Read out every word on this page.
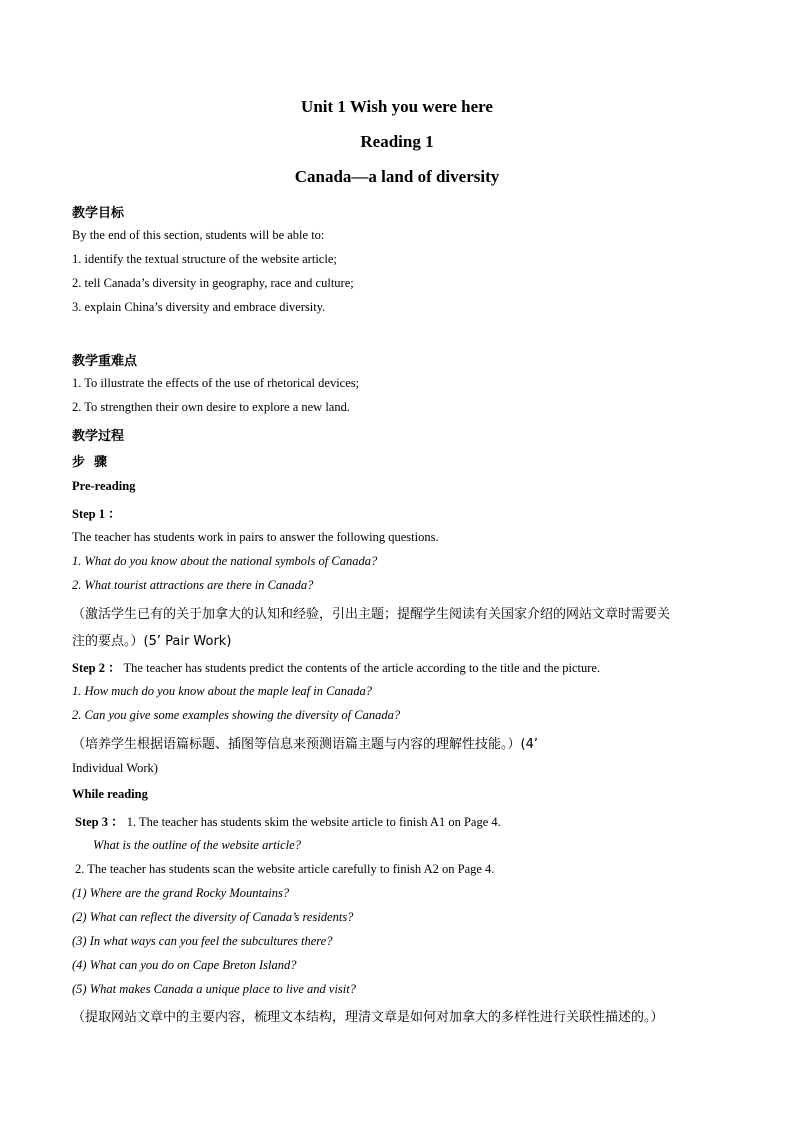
Unit 1 Wish you were here
Reading 1
Canada—a land of diversity
教学目标
By the end of this section, students will be able to:
1. identify the textual structure of the website article;
2. tell Canada’s diversity in geography, race and culture;
3. explain China’s diversity and embrace diversity.
教学重难点
1. To illustrate the effects of the use of rhetorical devices;
2. To strengthen their own desire to explore a new land.
教学过程
步  骤
Pre-reading
Step 1 ：
The teacher has students work in pairs to answer the following questions.
1. What do you know about the national symbols of Canada?
2. What tourist attractions are there in Canada?
（激活学生已有的关于加拿大的认知和经验，引出主题；提醒学生阅读有关国家介绍的网站文章时需要关
注的要点。）(5’ Pair Work)
Step 2 ： The teacher has students predict the contents of the article according to the title and the picture.
1. How much do you know about the maple leaf in Canada?
2. Can you give some examples showing the diversity of Canada?
（培养学生根据语篇标题、插图等信息来预测语篇主题与内容的理解性技能。）(4’
Individual Work)
While reading
Step 3 ： 1. The teacher has students skim the website article to finish A1 on Page 4.
What is the outline of the website article?
2. The teacher has students scan the website article carefully to finish A2 on Page 4.
(1) Where are the grand Rocky Mountains?
(2) What can reflect the diversity of Canada’s residents?
(3) In what ways can you feel the subcultures there?
(4) What can you do on Cape Breton Island?
(5) What makes Canada a unique place to live and visit?
（提取网站文章中的主要内容，梳理文本结构，理清文章是如何对加拿大的多样性进行关联性描述的。）
